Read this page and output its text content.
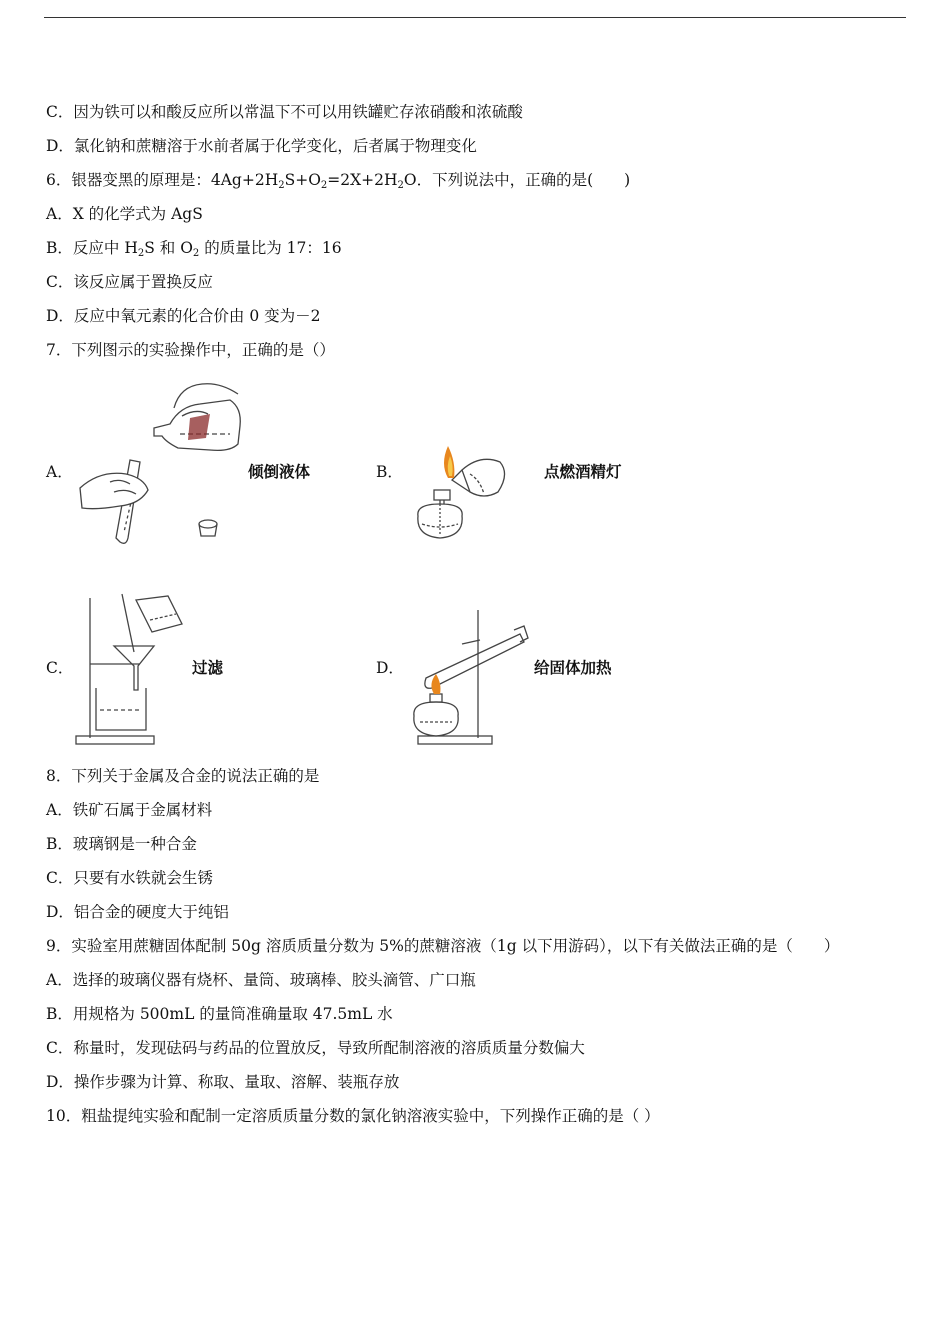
C．因为铁可以和酸反应所以常温下不可以用铁罐贮存浓硝酸和浓硫酸
D．氯化钠和蔗糖溶于水前者属于化学变化，后者属于物理变化
6．银器变黑的原理是：$4Ag+2H_2S+O_2=2X+2H_2O$．下列说法中，正确的是(　　)
A．X 的化学式为 AgS
B．反应中 $H_2S$ 和 $O_2$ 的质量比为 17：16
C．该反应属于置换反应
D．反应中氧元素的化合价由 0 变为－2
7．下列图示的实验操作中，正确的是（）
A．	倾倒液体	B．	点燃酒精灯
C．	过滤	D．	给固体加热
8．下列关于金属及合金的说法正确的是
A．铁矿石属于金属材料
B．玻璃钢是一种合金
C．只要有水铁就会生锈
D．铝合金的硬度大于纯铝
9．实验室用蔗糖固体配制 50g 溶质质量分数为 5%的蔗糖溶液（1g 以下用游码），以下有关做法正确的是（　　）
A．选择的玻璃仪器有烧杯、量筒、玻璃棒、胶头滴管、广口瓶
B．用规格为 500mL 的量筒准确量取 47.5mL 水
C．称量时，发现砝码与药品的位置放反，导致所配制溶液的溶质质量分数偏大
D．操作步骤为计算、称取、量取、溶解、装瓶存放
10．粗盐提纯实验和配制一定溶质质量分数的氯化钠溶液实验中，下列操作正确的是（ ）
